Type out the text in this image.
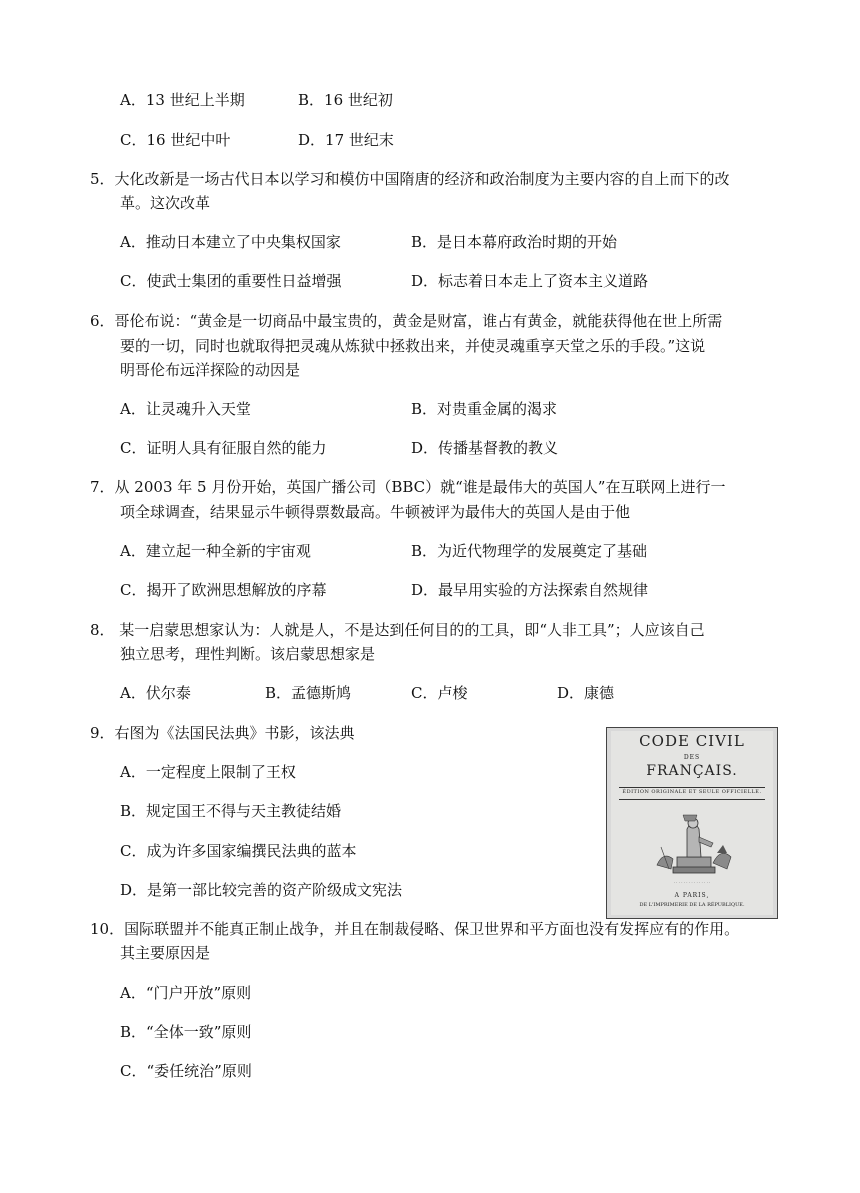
A．13 世纪上半期	B．16 世纪初
C．16 世纪中叶	D．17 世纪末
5．大化改新是一场古代日本以学习和模仿中国隋唐的经济和政治制度为主要内容的自上而下的改
革。这次改革
A．推动日本建立了中央集权国家	B．是日本幕府政治时期的开始
C．使武士集团的重要性日益增强	D．标志着日本走上了资本主义道路
6．哥伦布说：“黄金是一切商品中最宝贵的，黄金是财富，谁占有黄金，就能获得他在世上所需
要的一切，同时也就取得把灵魂从炼狱中拯救出来，并使灵魂重享天堂之乐的手段。”这说
明哥伦布远洋探险的动因是
A．让灵魂升入天堂	B．对贵重金属的渴求
C．证明人具有征服自然的能力	D．传播基督教的教义
7．从 2003 年 5 月份开始，英国广播公司（BBC）就“谁是最伟大的英国人”在互联网上进行一
项全球调查，结果显示牛顿得票数最高。牛顿被评为最伟大的英国人是由于他
A．建立起一种全新的宇宙观	B．为近代物理学的发展奠定了基础
C．揭开了欧洲思想解放的序幕	D．最早用实验的方法探索自然规律
8． 某一启蒙思想家认为：人就是人，不是达到任何目的的工具，即“人非工具”；人应该自己
独立思考，理性判断。该启蒙思想家是
A．伏尔泰	B．孟德斯鸠	C．卢梭	D．康德
9．右图为《法国民法典》书影，该法典
A．一定程度上限制了王权
B．规定国王不得与天主教徒结婚
C．成为许多国家编撰民法典的蓝本
D．是第一部比较完善的资产阶级成文宪法
CODE CIVIL
DES
FRANÇAIS.
ÉDITION ORIGINALE ET SEULE OFFICIELLE.
· · · · · · · · · · · · · · ·
A PARIS,
DE L'IMPRIMERIE DE LA RÉPUBLIQUE.
10．国际联盟并不能真正制止战争，并且在制裁侵略、保卫世界和平方面也没有发挥应有的作用。
其主要原因是
A．“门户开放”原则
B．“全体一致”原则
C．“委任统治”原则
